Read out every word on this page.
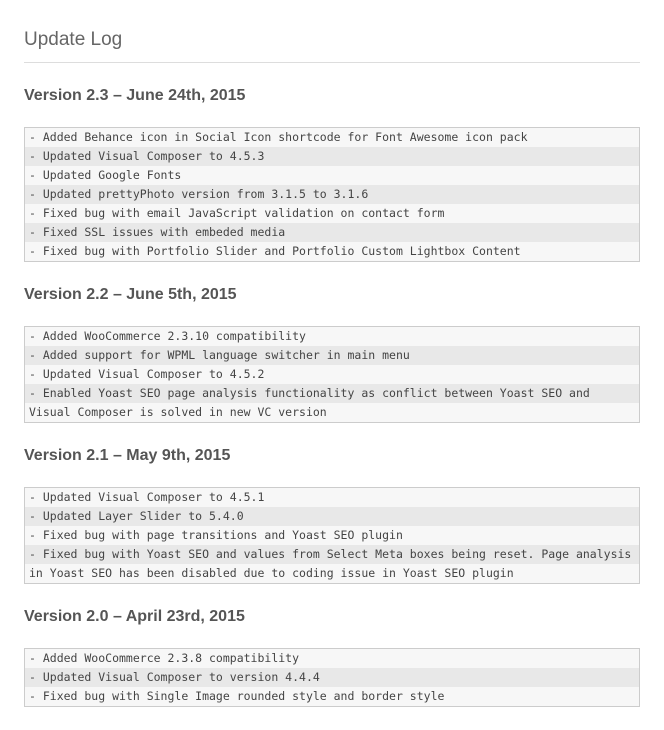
Update Log
Version 2.3 – June 24th, 2015
- Added Behance icon in Social Icon shortcode for Font Awesome icon pack
- Updated Visual Composer to 4.5.3
- Updated Google Fonts
- Updated prettyPhoto version from 3.1.5 to 3.1.6
- Fixed bug with email JavaScript validation on contact form
- Fixed SSL issues with embeded media
- Fixed bug with Portfolio Slider and Portfolio Custom Lightbox Content
Version 2.2 – June 5th, 2015
- Added WooCommerce 2.3.10 compatibility
- Added support for WPML language switcher in main menu
- Updated Visual Composer to 4.5.2
- Enabled Yoast SEO page analysis functionality as conflict between Yoast SEO and Visual Composer is solved in new VC version
Version 2.1 – May 9th, 2015
- Updated Visual Composer to 4.5.1
- Updated Layer Slider to 5.4.0
- Fixed bug with page transitions and Yoast SEO plugin
- Fixed bug with Yoast SEO and values from Select Meta boxes being reset. Page analysis in Yoast SEO has been disabled due to coding issue in Yoast SEO plugin
Version 2.0 – April 23rd, 2015
- Added WooCommerce 2.3.8 compatibility
- Updated Visual Composer to version 4.4.4
- Fixed bug with Single Image rounded style and border style
